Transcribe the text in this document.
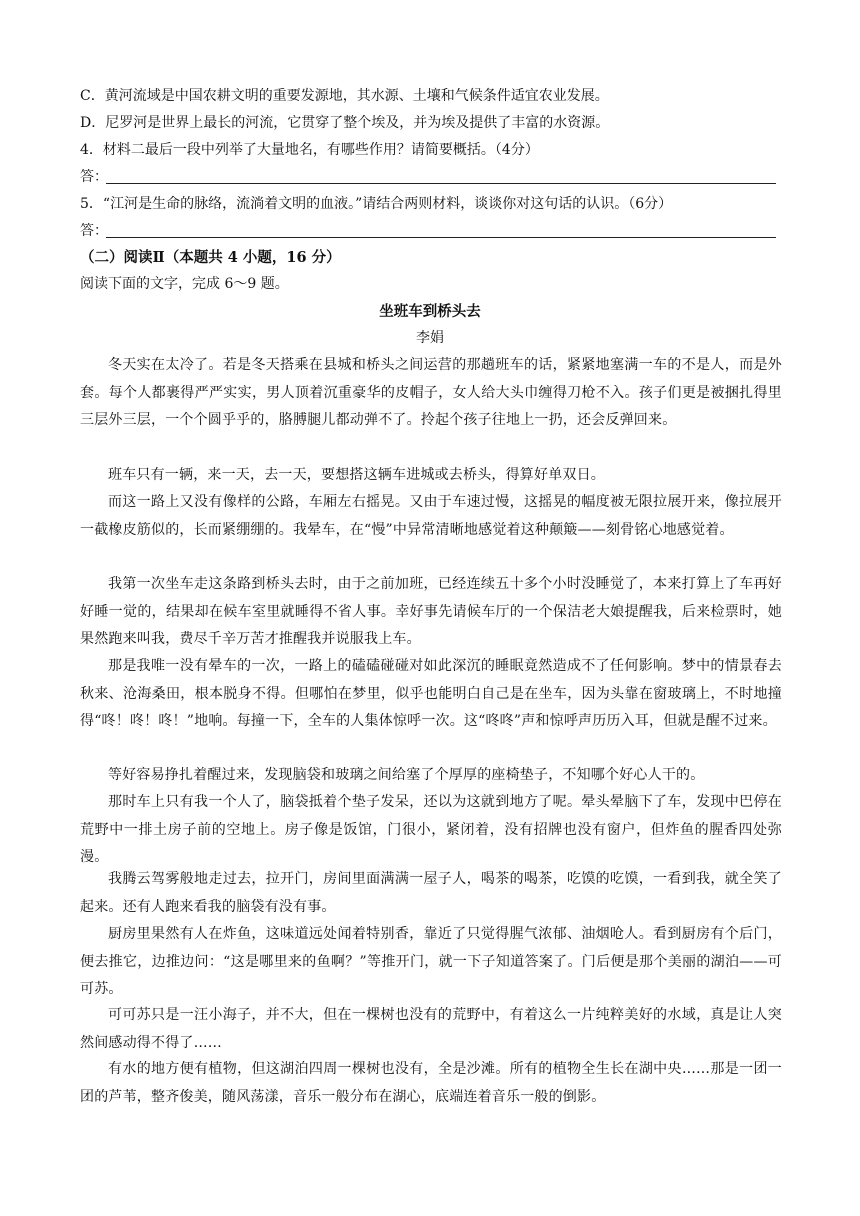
C．黄河流域是中国农耕文明的重要发源地，其水源、土壤和气候条件适宜农业发展。
D．尼罗河是世界上最长的河流，它贯穿了整个埃及，并为埃及提供了丰富的水资源。
4．材料二最后一段中列举了大量地名，有哪些作用？请简要概括。（4分）
答：
5．“江河是生命的脉络，流淌着文明的血液。”请结合两则材料，谈谈你对这句话的认识。（6分）
答：
（二）阅读Ⅱ（本题共 4 小题，16 分）
阅读下面的文字，完成 6～9 题。
坐班车到桥头去
李娟

冬天实在太冷了。若是冬天搭乘在县城和桥头之间运营的那趟班车的话，紧紧地塞满一车的不是人，而是外套。每个人都裹得严严实实，男人顶着沉重豪华的皮帽子，女人给大头巾缠得刀枪不入。孩子们更是被捆扎得里三层外三层，一个个圆乎乎的，胳膊腿儿都动弹不了。拎起个孩子往地上一扔，还会反弹回来。

班车只有一辆，来一天，去一天，要想搭这辆车进城或去桥头，得算好单双日。

而这一路上又没有像样的公路，车厢左右摇晃。又由于车速过慢，这摇晃的幅度被无限拉展开来，像拉展开一截橡皮筋似的，长而紧绷绷的。我晕车，在“慢”中异常清晰地感觉着这种颠簸——刻骨铭心地感觉着。

我第一次坐车走这条路到桥头去时，由于之前加班，已经连续五十多个小时没睡觉了，本来打算上了车再好好睡一觉的，结果却在候车室里就睡得不省人事。幸好事先请候车厅的一个保洁老大娘提醒我，后来检票时，她果然跑来叫我，费尽千辛万苦才推醒我并说服我上车。

那是我唯一没有晕车的一次，一路上的磕磕碰碰对如此深沉的睡眠竟然造成不了任何影响。梦中的情景春去秋来、沧海桑田，根本脱身不得。但哪怕在梦里，似乎也能明白自己是在坐车，因为头靠在窗玻璃上，不时地撞得“咚！咚！咚！”地响。每撞一下，全车的人集体惊呼一次。这“咚咚”声和惊呼声历历入耳，但就是醒不过来。

等好容易挣扎着醒过来，发现脑袋和玻璃之间给塞了个厚厚的座椅垫子，不知哪个好心人干的。

那时车上只有我一个人了，脑袋抵着个垫子发呆，还以为这就到地方了呢。晕头晕脑下了车，发现中巴停在荒野中一排土房子前的空地上。房子像是饭馆，门很小，紧闭着，没有招牌也没有窗户，但炸鱼的腥香四处弥漫。

我腾云驾雾般地走过去，拉开门，房间里面满满一屋子人，喝茶的喝茶，吃馍的吃馍，一看到我，就全笑了起来。还有人跑来看我的脑袋有没有事。

厨房里果然有人在炸鱼，这味道远处闻着特别香，靠近了只觉得腥气浓郁、油烟呛人。看到厨房有个后门，便去推它，边推边问：“这是哪里来的鱼啊？”等推开门，就一下子知道答案了。门后便是那个美丽的湖泊——可可苏。

可可苏只是一汪小海子，并不大，但在一棵树也没有的荒野中，有着这么一片纯粹美好的水域，真是让人突然间感动得不得了……

有水的地方便有植物，但这湖泊四周一棵树也没有，全是沙滩。所有的植物全生长在湖中央……那是一团一团的芦苇，整齐俊美，随风荡漾，音乐一般分布在湖心，底端连着音乐一般的倒影。
